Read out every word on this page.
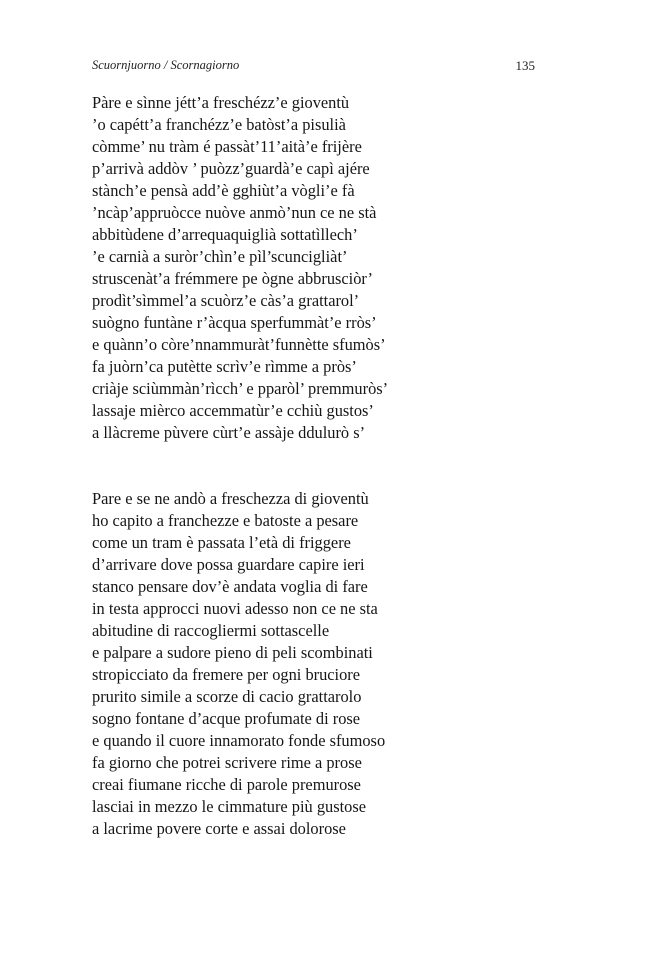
Scuornjuorno / Scornagiorno	135
Pàre e sìnne jétt’a freschézz’e gioventù
’o capétt’a franchézz’e batòst’a pisulià
còmme’ nu tràm é passàt’11’aità’e frijère
p’arrivà addòv ’ puòzz’guardà’e capì ajére
stànch’e pensà add’è gghiùt’a vògli’e fà
’ncàp’appruòcce nuòve anmò’nun ce ne stà
abbitùdene d’arrequaquiglià sottatìllech’
’e carnià a suròr’chìn’e pìl’scuncigliàt’
struscenàt’a frémmere pe ògne abbrusciòr’
prodìt’sìmmel’a scuòrz’e càs’a grattarol’
suògno funtàne r’àcqua sperfummàt’e rròs’
e quànn’o còre’nnammuràt’funnètte sfumòs’
fa juòrn’ca putètte scrìv’e rìmme a pròs’
criàje sciùmmàn’rìcch’ e pparòl’ premmuròs’
lassaje mièrco accemmatùr’e cchiù gustos’
a llàcreme pùvere cùrt’e assàje ddulurò s’
Pare e se ne andò a freschezza di gioventù
ho capito a franchezze e batoste a pesare
come un tram è passata l’età di friggere
d’arrivare dove possa guardare capire ieri
stanco pensare dov’è andata voglia di fare
in testa approcci nuovi adesso non ce ne sta
abitudine di raccogliermi sottascelle
e palpare a sudore pieno di peli scombinati
stropicciato da fremere per ogni bruciore
prurito simile a scorze di cacio grattarolo
sogno fontane d’acque profumate di rose
e quando il cuore innamorato fonde sfumoso
fa giorno che potrei scrivere rime a prose
creai fiumane ricche di parole premurose
lasciai in mezzo le cimmature più gustose
a lacrime povere corte e assai dolorose
